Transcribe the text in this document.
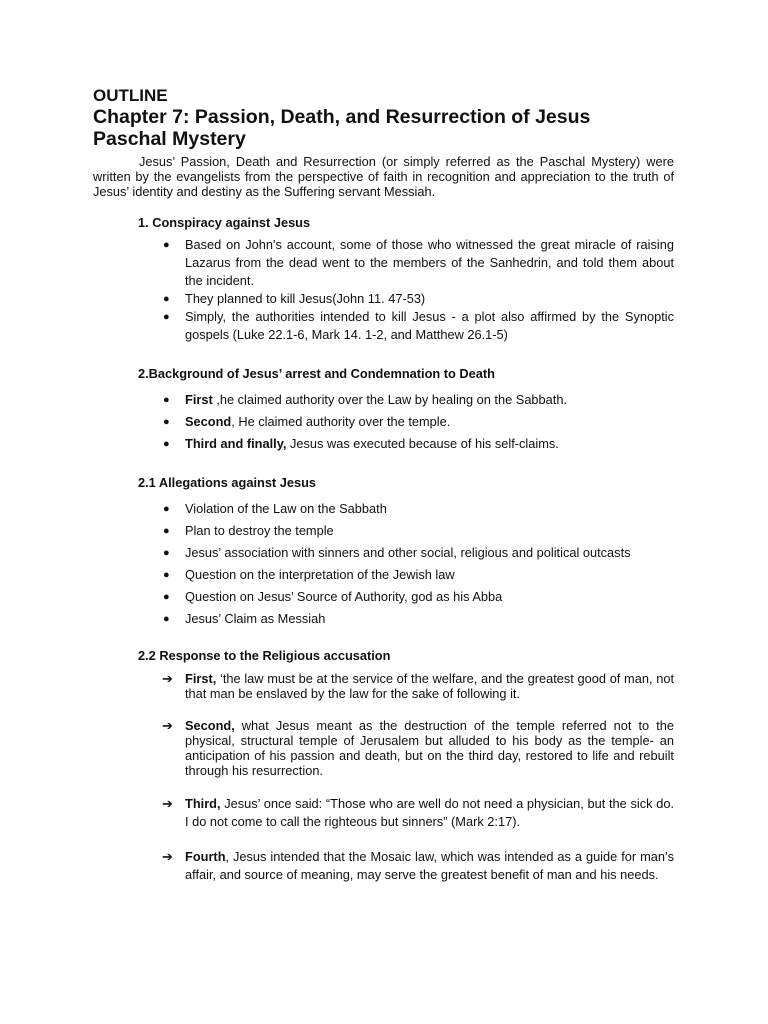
OUTLINE

Chapter 7: Passion, Death, and Resurrection of Jesus

Paschal Mystery

Jesus’ Passion, Death and Resurrection (or simply referred as the Paschal Mystery) were written by the evangelists from the perspective of faith in recognition and appreciation to the truth of Jesus’ identity and destiny as the Suffering servant Messiah.

1. Conspiracy against Jesus

● Based on John's account, some of those who witnessed the great miracle of raising Lazarus from the dead went to the members of the Sanhedrin, and told them about the incident.
● They planned to kill Jesus(John 11. 47-53)
● Simply, the authorities intended to kill Jesus - a plot also affirmed by the Synoptic gospels (Luke 22.1-6, Mark 14. 1-2, and Matthew 26.1-5)

2.Background of Jesus’ arrest and Condemnation to Death

● First ,he claimed authority over the Law by healing on the Sabbath.
● Second, He claimed authority over the temple.
● Third and finally, Jesus was executed because of his self-claims.

2.1 Allegations against Jesus

● Violation of the Law on the Sabbath
● Plan to destroy the temple
● Jesus’ association with sinners and other social, religious and political outcasts
● Question on the interpretation of the Jewish law
● Question on Jesus’ Source of Authority, god as his Abba
● Jesus’ Claim as Messiah

2.2 Response to the Religious accusation

➔ First, ‘the law must be at the service of the welfare, and the greatest good of man, not that man be enslaved by the law for the sake of following it.
➔ Second, what Jesus meant as the destruction of the temple referred not to the physical, structural temple of Jerusalem but alluded to his body as the temple- an anticipation of his passion and death, but on the third day, restored to life and rebuilt through his resurrection.
➔ Third, Jesus’ once said: “Those who are well do not need a physician, but the sick do. I do not come to call the righteous but sinners” (Mark 2:17).
➔ Fourth, Jesus intended that the Mosaic law, which was intended as a guide for man’s affair, and source of meaning, may serve the greatest benefit of man and his needs.
